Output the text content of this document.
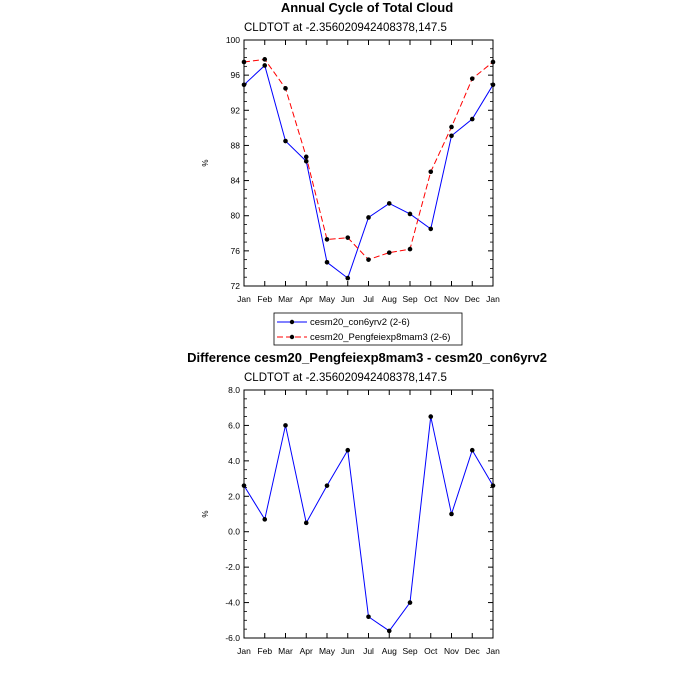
Annual Cycle of Total Cloud
CLDTOT at -2.356020942408378,147.5
%
72
76
80
84
88
92
96
100
Jan Feb Mar Apr May Jun Jul Aug Sep Oct Nov Dec Jan
cesm20_con6yrv2 (2-6)
cesm20_Pengfeiexp8mam3 (2-6)
Difference cesm20_Pengfeiexp8mam3 - cesm20_con6yrv2
CLDTOT at -2.356020942408378,147.5
%
-6.0
-4.0
-2.0
0.0
2.0
4.0
6.0
8.0
Jan Feb Mar Apr May Jun Jul Aug Sep Oct Nov Dec Jan
